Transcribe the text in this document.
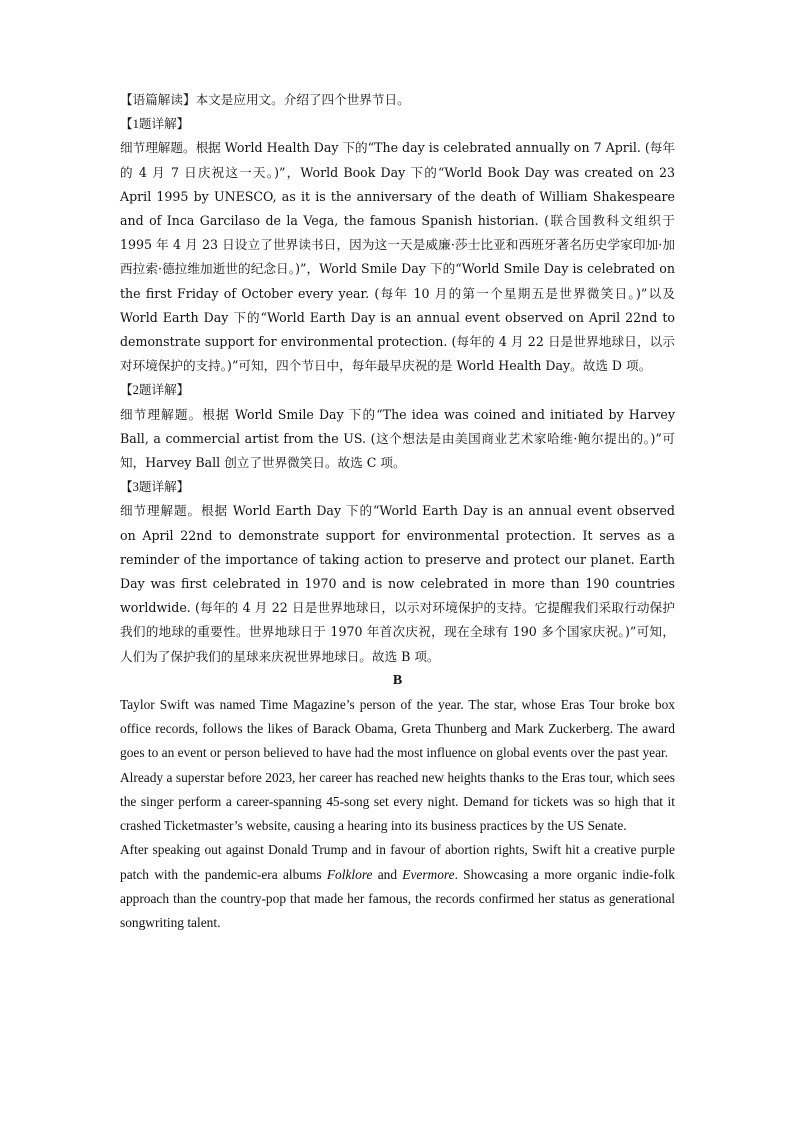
【语篇解读】本文是应用文。介绍了四个世界节日。

【1题详解】

细节理解题。根据 World Health Day 下的“The day is celebrated annually on 7 April. (每年的 4 月 7 日庆祝这一天。)”，World Book Day 下的“World Book Day was created on 23 April 1995 by UNESCO, as it is the anniversary of the death of William Shakespeare and of Inca Garcilaso de la Vega, the famous Spanish historian. (联合国教科文组织于 1995 年 4 月 23 日设立了世界读书日，因为这一天是威廉·莎士比亚和西班牙著名历史学家印加·加西拉索·德拉维加逝世的纪念日。)”，World Smile Day 下的“World Smile Day is celebrated on the first Friday of October every year. (每年 10 月的第一个星期五是世界微笑日。)”以及 World Earth Day 下的“World Earth Day is an annual event observed on April 22nd to demonstrate support for environmental protection. (每年的 4 月 22 日是世界地球日，以示对环境保护的支持。)”可知，四个节日中，每年最早庆祝的是 World Health Day。故选 D 项。

【2题详解】

细节理解题。根据 World Smile Day 下的“The idea was coined and initiated by Harvey Ball, a commercial artist from the US. (这个想法是由美国商业艺术家哈维·鲍尔提出的。)”可知，Harvey Ball 创立了世界微笑日。故选 C 项。

【3题详解】

细节理解题。根据 World Earth Day 下的“World Earth Day is an annual event observed on April 22nd to demonstrate support for environmental protection. It serves as a reminder of the importance of taking action to preserve and protect our planet. Earth Day was first celebrated in 1970 and is now celebrated in more than 190 countries worldwide. (每年的 4 月 22 日是世界地球日，以示对环境保护的支持。它提醒我们采取行动保护我们的地球的重要性。世界地球日于 1970 年首次庆祝，现在全球有 190 多个国家庆祝。)”可知，人们为了保护我们的星球来庆祝世界地球日。故选 B 项。

B

Taylor Swift was named Time Magazine’s person of the year. The star, whose Eras Tour broke box office records, follows the likes of Barack Obama, Greta Thunberg and Mark Zuckerberg. The award goes to an event or person believed to have had the most influence on global events over the past year.

Already a superstar before 2023, her career has reached new heights thanks to the Eras tour, which sees the singer perform a career-spanning 45-song set every night. Demand for tickets was so high that it crashed Ticketmaster’s website, causing a hearing into its business practices by the US Senate.

After speaking out against Donald Trump and in favour of abortion rights, Swift hit a creative purple patch with the pandemic-era albums Folklore and Evermore. Showcasing a more organic indie-folk approach than the country-pop that made her famous, the records confirmed her status as generational songwriting talent.
